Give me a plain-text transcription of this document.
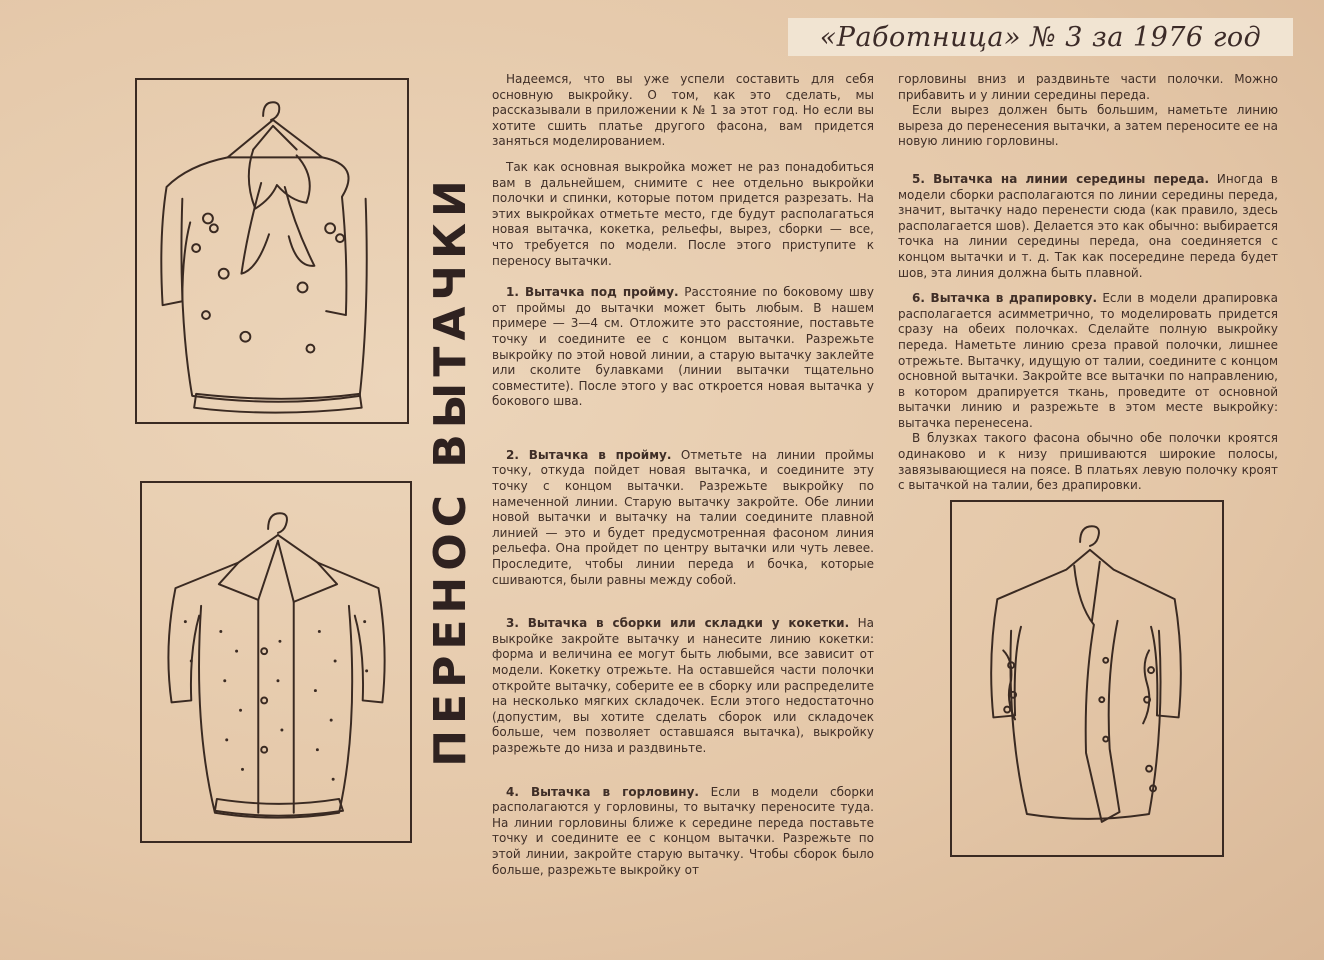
«Работница» № 3 за 1976 год
ПЕРЕНОС ВЫТАЧКИ

Надеемся, что вы уже успели составить для себя основную выкройку. О том, как это сделать, мы рассказывали в приложении к № 1 за этот год. Но если вы хотите сшить платье другого фасона, вам придется заняться моделированием.

Так как основная выкройка может не раз понадобиться вам в дальнейшем, снимите с нее отдельно выкройки полочки и спинки, которые потом придется разрезать. На этих выкройках отметьте место, где будут располагаться новая вытачка, кокетка, рельефы, вырез, сборки — все, что требуется по модели. После этого приступите к переносу вытачки.

1. Вытачка под пройму. Расстояние по боковому шву от проймы до вытачки может быть любым. В нашем примере — 3—4 см. Отложите это расстояние, поставьте точку и соедините ее с концом вытачки. Разрежьте выкройку по этой новой линии, а старую вытачку заклейте или сколите булавками (линии вытачки тщательно совместите). После этого у вас откроется новая вытачка у бокового шва.

2. Вытачка в пройму. Отметьте на линии проймы точку, откуда пойдет новая вытачка, и соедините эту точку с концом вытачки. Разрежьте выкройку по намеченной линии. Старую вытачку закройте. Обе линии новой вытачки и вытачку на талии соедините плавной линией — это и будет предусмотренная фасоном линия рельефа. Она пройдет по центру вытачки или чуть левее. Проследите, чтобы линии переда и бочка, которые сшиваются, были равны между собой.

3. Вытачка в сборки или складки у кокетки. На выкройке закройте вытачку и нанесите линию кокетки: форма и величина ее могут быть любыми, все зависит от модели. Кокетку отрежьте. На оставшейся части полочки откройте вытачку, соберите ее в сборку или распределите на несколько мягких складочек. Если этого недостаточно (допустим, вы хотите сделать сборок или складочек больше, чем позволяет оставшаяся вытачка), выкройку разрежьте до низа и раздвиньте.

4. Вытачка в горловину. Если в модели сборки располагаются у горловины, то вытачку переносите туда. На линии горловины ближе к середине переда поставьте точку и соедините ее с концом вытачки. Разрежьте по этой линии, закройте старую вытачку. Чтобы сборок было больше, разрежьте выкройку от

горловины вниз и раздвиньте части полочки. Можно прибавить и у линии середины переда.

Если вырез должен быть большим, наметьте линию выреза до перенесения вытачки, а затем переносите ее на новую линию горловины.

5. Вытачка на линии середины переда. Иногда в модели сборки располагаются по линии середины переда, значит, вытачку надо перенести сюда (как правило, здесь располагается шов). Делается это как обычно: выбирается точка на линии середины переда, она соединяется с концом вытачки и т. д. Так как посередине переда будет шов, эта линия должна быть плавной.

6. Вытачка в драпировку. Если в модели драпировка располагается асимметрично, то моделировать придется сразу на обеих полочках. Сделайте полную выкройку переда. Наметьте линию среза правой полочки, лишнее отрежьте. Вытачку, идущую от талии, соедините с концом основной вытачки. Закройте все вытачки по направлению, в котором драпируется ткань, проведите от основной вытачки линию и разрежьте в этом месте выкройку: вытачка перенесена.

В блузках такого фасона обычно обе полочки кроятся одинаково и к низу пришиваются широкие полосы, завязывающиеся на поясе. В платьях левую полочку кроят с вытачкой на талии, без драпировки.
